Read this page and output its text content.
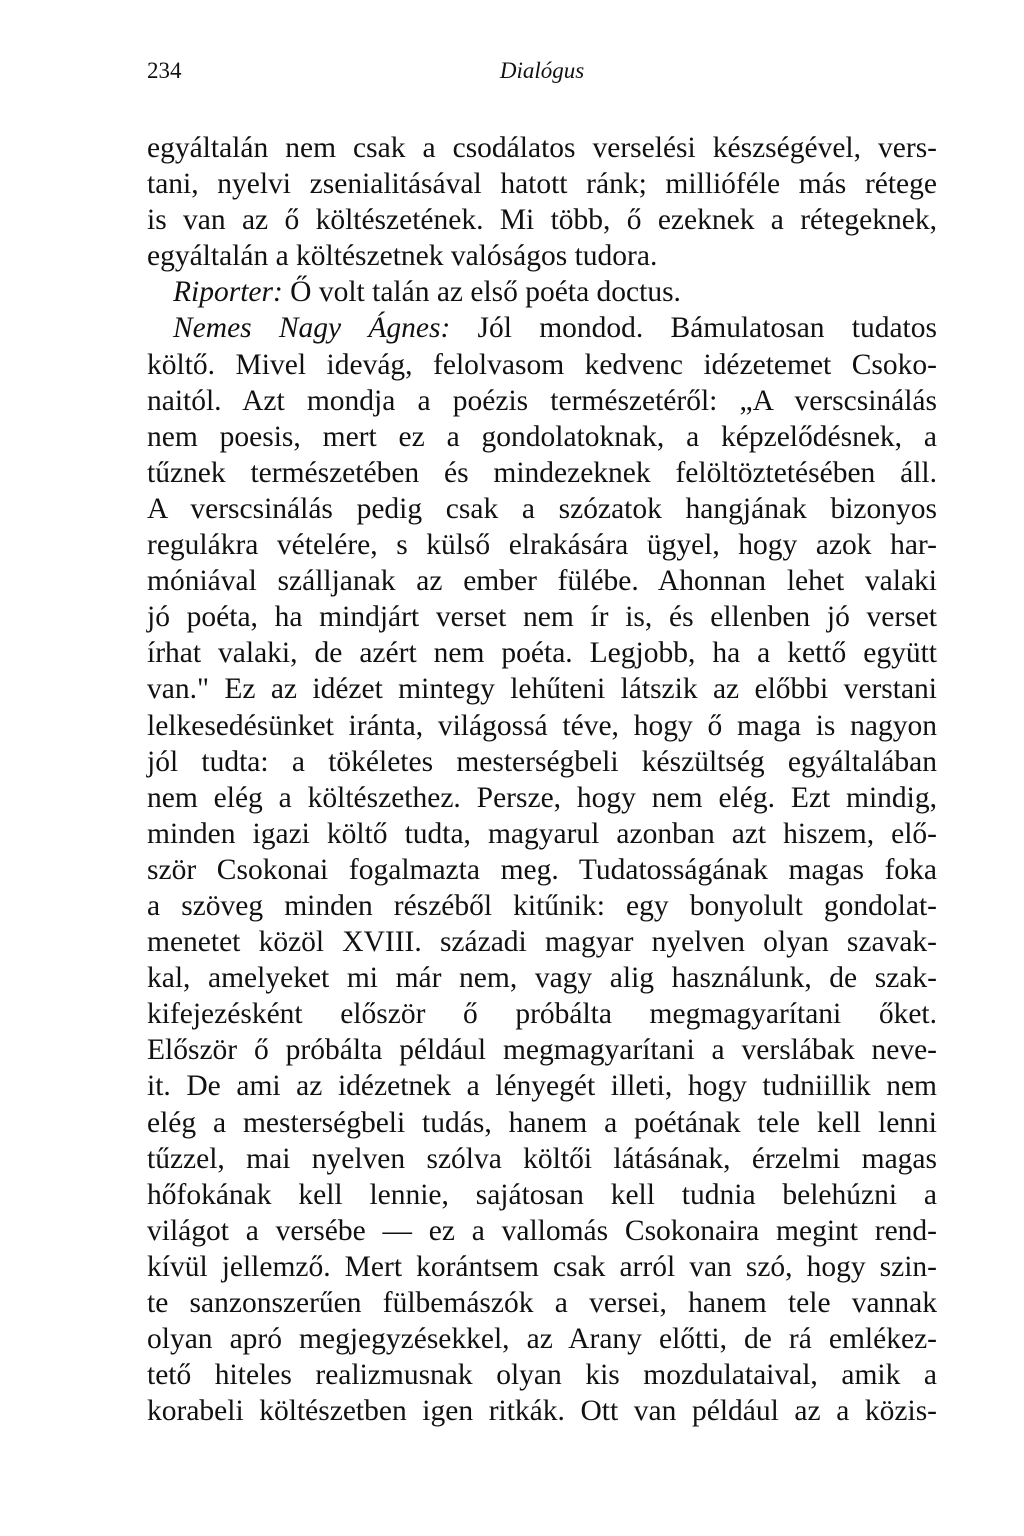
234	Dialógus
egyáltalán nem csak a csodálatos verselési készségével, vers-
tani, nyelvi zsenialitásával hatott ránk; millióféle más rétege
is van az ő költészetének. Mi több, ő ezeknek a rétegeknek,
egyáltalán a költészetnek valóságos tudora.
Riporter: Ő volt talán az első poéta doctus.
Nemes Nagy Ágnes: Jól mondod. Bámulatosan tudatos
költő. Mivel idevág, felolvasom kedvenc idézetemet Csoko-
naitól. Azt mondja a poézis természetéről: „A verscsinálás
nem poesis, mert ez a gondolatoknak, a képzelődésnek, a
tűznek természetében és mindezeknek felöltöztetésében áll.
A verscsinálás pedig csak a szózatok hangjának bizonyos
regulákra vételére, s külső elrakására ügyel, hogy azok har-
móniával szálljanak az ember fülébe. Ahonnan lehet valaki
jó poéta, ha mindjárt verset nem ír is, és ellenben jó verset
írhat valaki, de azért nem poéta. Legjobb, ha a kettő együtt
van." Ez az idézet mintegy lehűteni látszik az előbbi verstani
lelkesedésünket iránta, világossá téve, hogy ő maga is nagyon
jól tudta: a tökéletes mesterségbeli készültség egyáltalában
nem elég a költészethez. Persze, hogy nem elég. Ezt mindig,
minden igazi költő tudta, magyarul azonban azt hiszem, elő-
ször Csokonai fogalmazta meg. Tudatosságának magas foka
a szöveg minden részéből kitűnik: egy bonyolult gondolat-
menetet közöl XVIII. századi magyar nyelven olyan szavak-
kal, amelyeket mi már nem, vagy alig használunk, de szak-
kifejezésként először ő próbálta megmagyarítani őket.
Először ő próbálta például megmagyarítani a verslábak neve-
it. De ami az idézetnek a lényegét illeti, hogy tudniillik nem
elég a mesterségbeli tudás, hanem a poétának tele kell lenni
tűzzel, mai nyelven szólva költői látásának, érzelmi magas
hőfokának kell lennie, sajátosan kell tudnia belehúzni a
világot a versébe — ez a vallomás Csokonaira megint rend-
kívül jellemző. Mert korántsem csak arról van szó, hogy szin-
te sanzonszerűen fülbemászók a versei, hanem tele vannak
olyan apró megjegyzésekkel, az Arany előtti, de rá emlékez-
tető hiteles realizmusnak olyan kis mozdulataival, amik a
korabeli költészetben igen ritkák. Ott van például az a közis-
